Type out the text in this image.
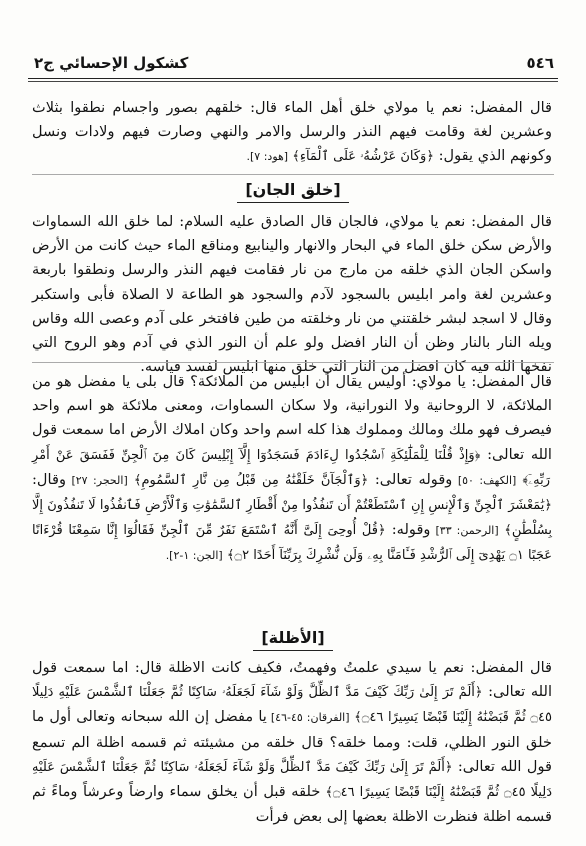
٥٤٦
كشكول الإحسائي ج٢
قال المفضل: نعم يا مولاي خلق أهل الماء قال: خلقهم بصور واجسام نطقوا بثلاث وعشرين لغة وقامت فيهم النذر والرسل والامر والنهي وصارت فيهم ولادات ونسل وكونهم الذي يقول: ﴿وَكَانَ عَرْشُهُۥ عَلَى ٱلْمَآءِ﴾ [هود: ٧].
[خلق الجان]
قال المفضل: نعم يا مولاي، فالجان قال الصادق عليه السلام: لما خلق الله السماوات والأرض سكن خلق الماء في البحار والانهار والينابيع ومناقع الماء حيث كانت من الأرض واسكن الجان الذي خلقه من مارج من نار فقامت فيهم النذر والرسل ونطقوا باربعة وعشرين لغة وامر ابليس بالسجود لآدم والسجود هو الطاعة لا الصلاة فأبى واستكبر وقال لا اسجد لبشر خلقتني من نار وخلقته من طين فافتخر على آدم وعصى الله وقاس ويله النار بالنار وظن أن النار افضل ولو علم أن النور الذي في آدم وهو الروح التي نفخها الله فيه كان افضل من النار التي خلق منها ابليس لفسد قياسه.
قال المفضل: يا مولاي: أوليس يقال أن ابليس من الملائكة؟ قال بلى يا مفضل هو من الملائكة، لا الروحانية ولا النورانية، ولا سكان السماوات، ومعنى ملائكة هو اسم واحد فيصرف فهو ملك ومالك ومملوك هذا كله اسم واحد وكان املاك الأرض اما سمعت قول الله تعالى: ﴿وَإِذْ قُلْنَا لِلْمَلَٰٓئِكَةِ ٱسْجُدُوا لِءَادَمَ فَسَجَدُوٓا إِلَّآ إِبْلِيسَ كَانَ مِنَ ٱلْجِنِّ فَفَسَقَ عَنْ أَمْرِ رَبِّهِۦٓ﴾ [الكهف: ٥٠] وقوله تعالى: ﴿وَٱلْجَآنَّ خَلَقْنَٰهُ مِن قَبْلُ مِن نَّارِ ٱلسَّمُومِ﴾ [الحجر: ٢٧] وقال: ﴿يَٰمَعْشَرَ ٱلْجِنِّ وَٱلْإِنسِ إِنِ ٱسْتَطَعْتُمْ أَن تَنفُذُوا مِنْ أَقْطَارِ ٱلسَّمَٰوَٰتِ وَٱلْأَرْضِ فَٱنفُذُوا لَا تَنفُذُونَ إِلَّا بِسُلْطَٰنٍ﴾ [الرحمن: ٣٣] وقوله: ﴿قُلْ أُوحِىَ إِلَىَّ أَنَّهُ ٱسْتَمَعَ نَفَرٌ مِّنَ ٱلْجِنِّ فَقَالُوٓا إِنَّا سَمِعْنَا قُرْءَانًا عَجَبًا ۝١ يَهْدِىٓ إِلَى ٱلرُّشْدِ فَـَٔامَنَّا بِهِۦ وَلَن نُّشْرِكَ بِرَبِّنَآ أَحَدًا ۝٢﴾ [الجن: ١-٢].
[الأظلة]
قال المفضل: نعم يا سيدي علمتُ وفهمتُ، فكيف كانت الاظلة قال: اما سمعت قول الله تعالى: ﴿أَلَمْ تَرَ إِلَىٰ رَبِّكَ كَيْفَ مَدَّ ٱلظِّلَّ وَلَوْ شَآءَ لَجَعَلَهُۥ سَاكِنًا ثُمَّ جَعَلْنَا ٱلشَّمْسَ عَلَيْهِ دَلِيلًا ۝٤٥ ثُمَّ قَبَضْنَٰهُ إِلَيْنَا قَبْضًا يَسِيرًا ۝٤٦﴾ [الفرقان: ٤٥-٤٦] يا مفضل إن الله سبحانه وتعالى أول ما خلق النور الظلي، قلت: ومما خلقه؟ قال خلقه من مشيئته ثم قسمه اظلة الم تسمع قول الله تعالى: ﴿أَلَمْ تَرَ إِلَىٰ رَبِّكَ كَيْفَ مَدَّ ٱلظِّلَّ وَلَوْ شَآءَ لَجَعَلَهُۥ سَاكِنًا ثُمَّ جَعَلْنَا ٱلشَّمْسَ عَلَيْهِ دَلِيلًا ۝٤٥ ثُمَّ قَبَضْنَٰهُ إِلَيْنَا قَبْضًا يَسِيرًا ۝٤٦﴾ خلقه قبل أن يخلق سماء وارضاً وعرشاً وماءً ثم قسمه اظلة فنظرت الاظلة بعضها إلى بعض فرأت
